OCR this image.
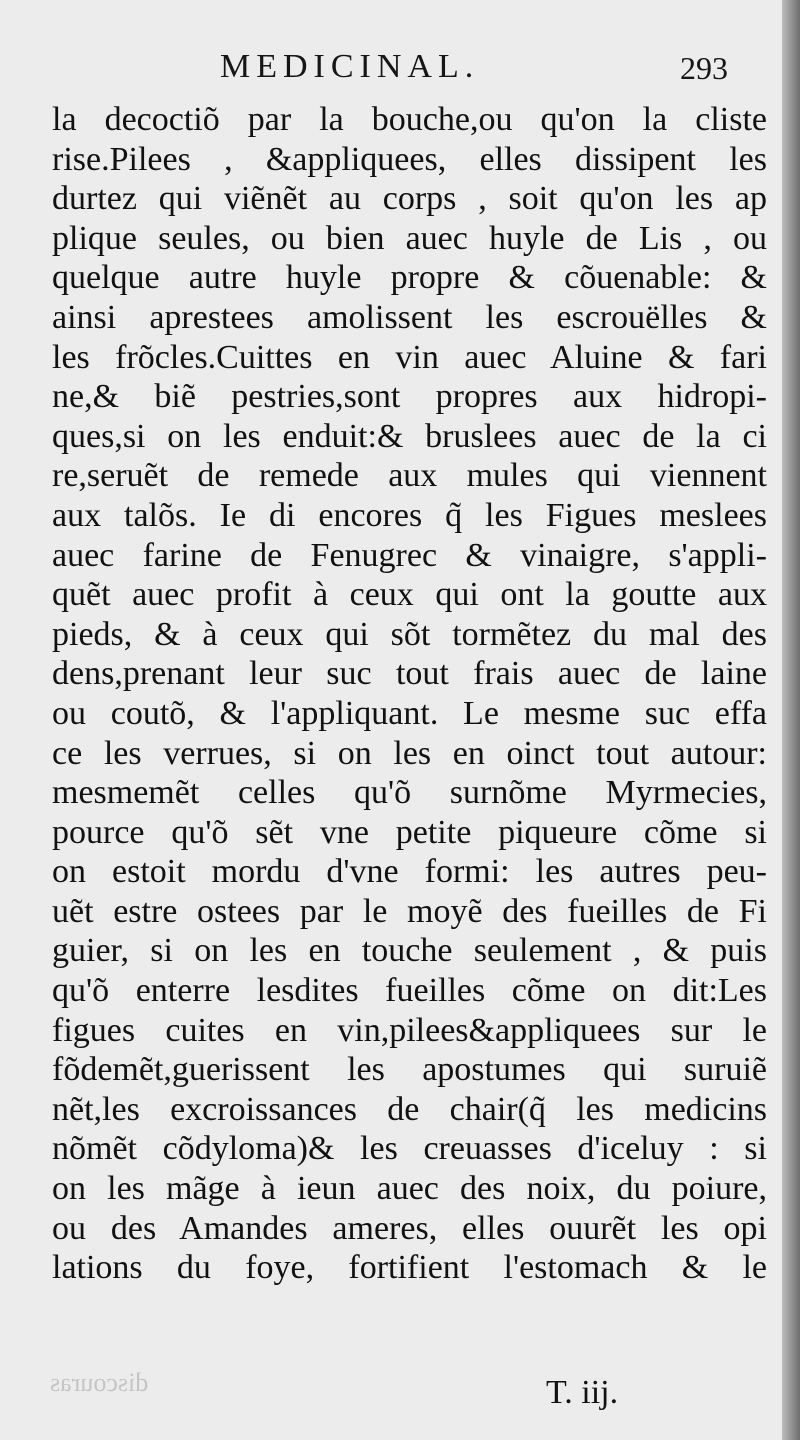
MEDICINAL.	293
la decoctiõ par la bouche,ou qu'on la cliste
rise.Pilees , &appliquees, elles dissipent les
durtez qui viẽnẽt au corps , soit qu'on les ap
plique seules, ou bien auec huyle de Lis , ou
quelque autre huyle propre & cõuenable: &
ainsi aprestees amolissent les escrouëlles &
les frõcles.Cuittes en vin auec Aluine & fari
ne,& biẽ pestries,sont propres aux hidropi-
ques,si on les enduit:& bruslees auec de la ci
re,seruẽt de remede aux mules qui viennent
aux talõs. Ie di encores q̃ les Figues meslees
auec farine de Fenugrec & vinaigre, s'appli-
quẽt auec profit à ceux qui ont la goutte aux
pieds, & à ceux qui sõt tormẽtez du mal des
dens,prenant leur suc tout frais auec de laine
ou coutõ, & l'appliquant. Le mesme suc effa
ce les verrues, si on les en oinct tout autour:
mesmemẽt celles qu'õ surnõme Myrmecies,
pource qu'õ sẽt vne petite piqueure cõme si
on estoit mordu d'vne formi: les autres peu-
uẽt estre ostees par le moyẽ des fueilles de Fi
guier, si on les en touche seulement , & puis
qu'õ enterre lesdites fueilles cõme on dit:Les
figues cuites en vin,pilees&appliquees sur le
fõdemẽt,guerissent les apostumes qui suruiẽ
nẽt,les excroissances de chair(q̃ les medicins
nõmẽt cõdyloma)& les creuasses d'iceluy : si
on les mãge à ieun auec des noix, du poiure,
ou des Amandes ameres, elles ouurẽt les opi
lations du foye, fortifient l'estomach & le
discouras	T. iij.
